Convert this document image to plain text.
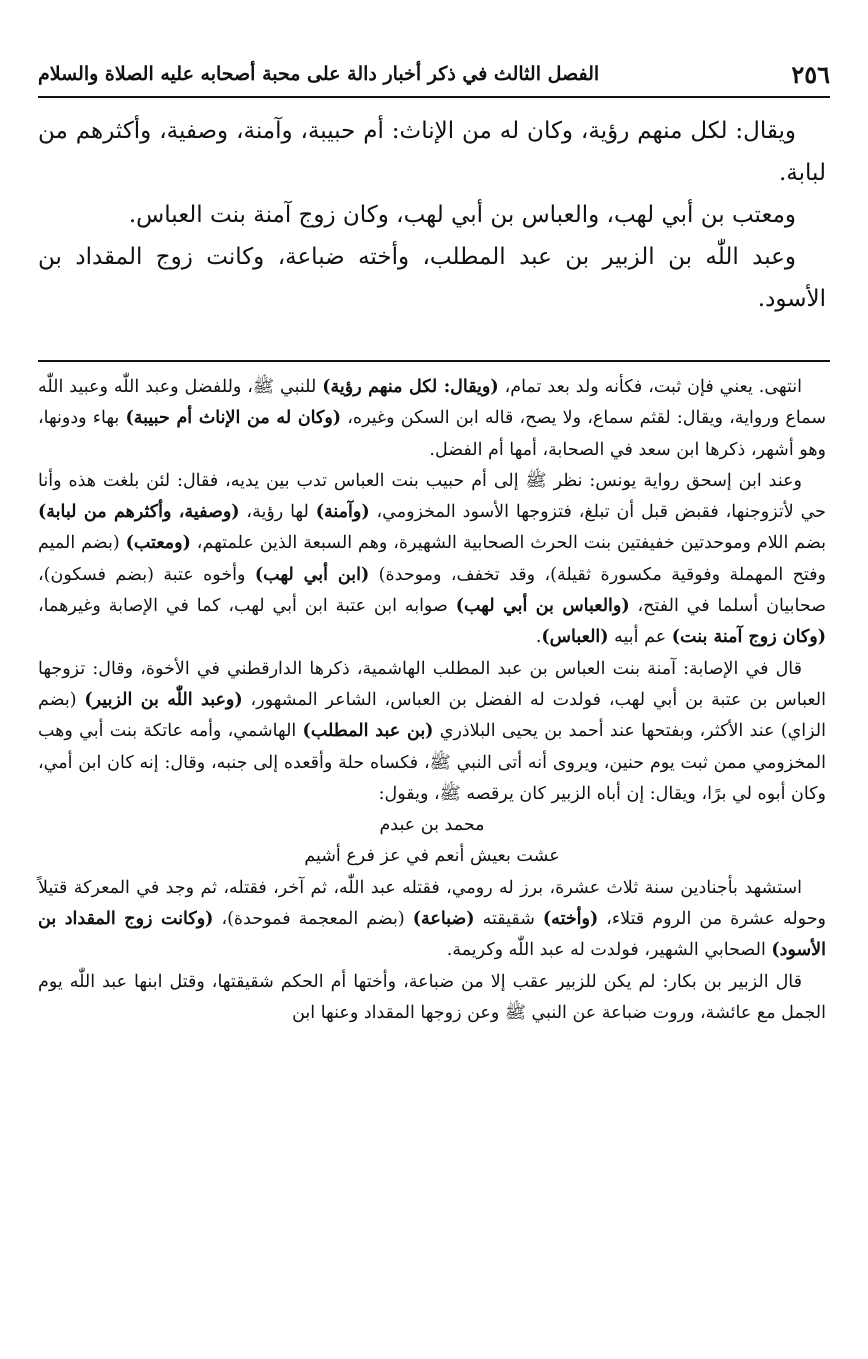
٢٥٦
الفصل الثالث في ذكر أخبار دالة على محبة أصحابه عليه الصلاة والسلام

ويقال: لكل منهم رؤية، وكان له من الإناث: أم حبيبة، وآمنة، وصفية، وأكثرهم من لبابة.

ومعتب بن أبي لهب، والعباس بن أبي لهب، وكان زوج آمنة بنت العباس.

وعبد اللّٰه بن الزبير بن عبد المطلب، وأخته ضباعة، وكانت زوج المقداد بن الأسود.

انتهى. يعني فإن ثبت، فكأنه ولد بعد تمام، (ويقال: لكل منهم رؤية) للنبي ﷺ، وللفضل وعبد اللّٰه وعبيد اللّٰه سماع ورواية، ويقال: لقثم سماع، ولا يصح، قاله ابن السكن وغيره، (وكان له من الإناث أم حبيبة) بهاء ودونها، وهو أشهر، ذكرها ابن سعد في الصحابة، أمها أم الفضل.

وعند ابن إسحق رواية يونس: نظر ﷺ إلى أم حبيب بنت العباس تدب بين يديه، فقال: لئن بلغت هذه وأنا حي لأتزوجنها، فقبض قبل أن تبلغ، فتزوجها الأسود المخزومي، (وآمنة) لها رؤية، (وصفية، وأكثرهم من لبابة) بضم اللام وموحدتين خفيفتين بنت الحرث الصحابية الشهيرة، وهم السبعة الذين علمتهم، (ومعتب) (بضم الميم وفتح المهملة وفوقية مكسورة ثقيلة)، وقد تخفف، وموحدة) (ابن أبي لهب) وأخوه عتبة (بضم فسكون)، صحابيان أسلما في الفتح، (والعباس بن أبي لهب) صوابه ابن عتبة ابن أبي لهب، كما في الإصابة وغيرهما، (وكان زوج آمنة بنت) عم أبيه (العباس).

قال في الإصابة: آمنة بنت العباس بن عبد المطلب الهاشمية، ذكرها الدارقطني في الأخوة، وقال: تزوجها العباس بن عتبة بن أبي لهب، فولدت له الفضل بن العباس، الشاعر المشهور، (وعبد اللّٰه بن الزبير) (بضم الزاي) عند الأكثر، وبفتحها عند أحمد بن يحيى البلاذري (بن عبد المطلب) الهاشمي، وأمه عاتكة بنت أبي وهب المخزومي ممن ثبت يوم حنين، ويروى أنه أتى النبي ﷺ، فكساه حلة وأقعده إلى جنبه، وقال: إنه كان ابن أمي، وكان أبوه لي برًا، ويقال: إن أباه الزبير كان يرقصه ﷺ، ويقول:

محمد بن عبدم

عشت بعيش أنعم في عز فرع أشيم

استشهد بأجنادين سنة ثلاث عشرة، برز له رومي، فقتله عبد اللّٰه، ثم آخر، فقتله، ثم وجد في المعركة قتيلاً وحوله عشرة من الروم قتلاء، (وأخته) شقيقته (ضباعة) (بضم المعجمة فموحدة)، (وكانت زوج المقداد بن الأسود) الصحابي الشهير، فولدت له عبد اللّٰه وكريمة.

قال الزبير بن بكار: لم يكن للزبير عقب إلا من ضباعة، وأختها أم الحكم شقيقتها، وقتل ابنها عبد اللّٰه يوم الجمل مع عائشة، وروت ضباعة عن النبي ﷺ وعن زوجها المقداد وعنها ابن
